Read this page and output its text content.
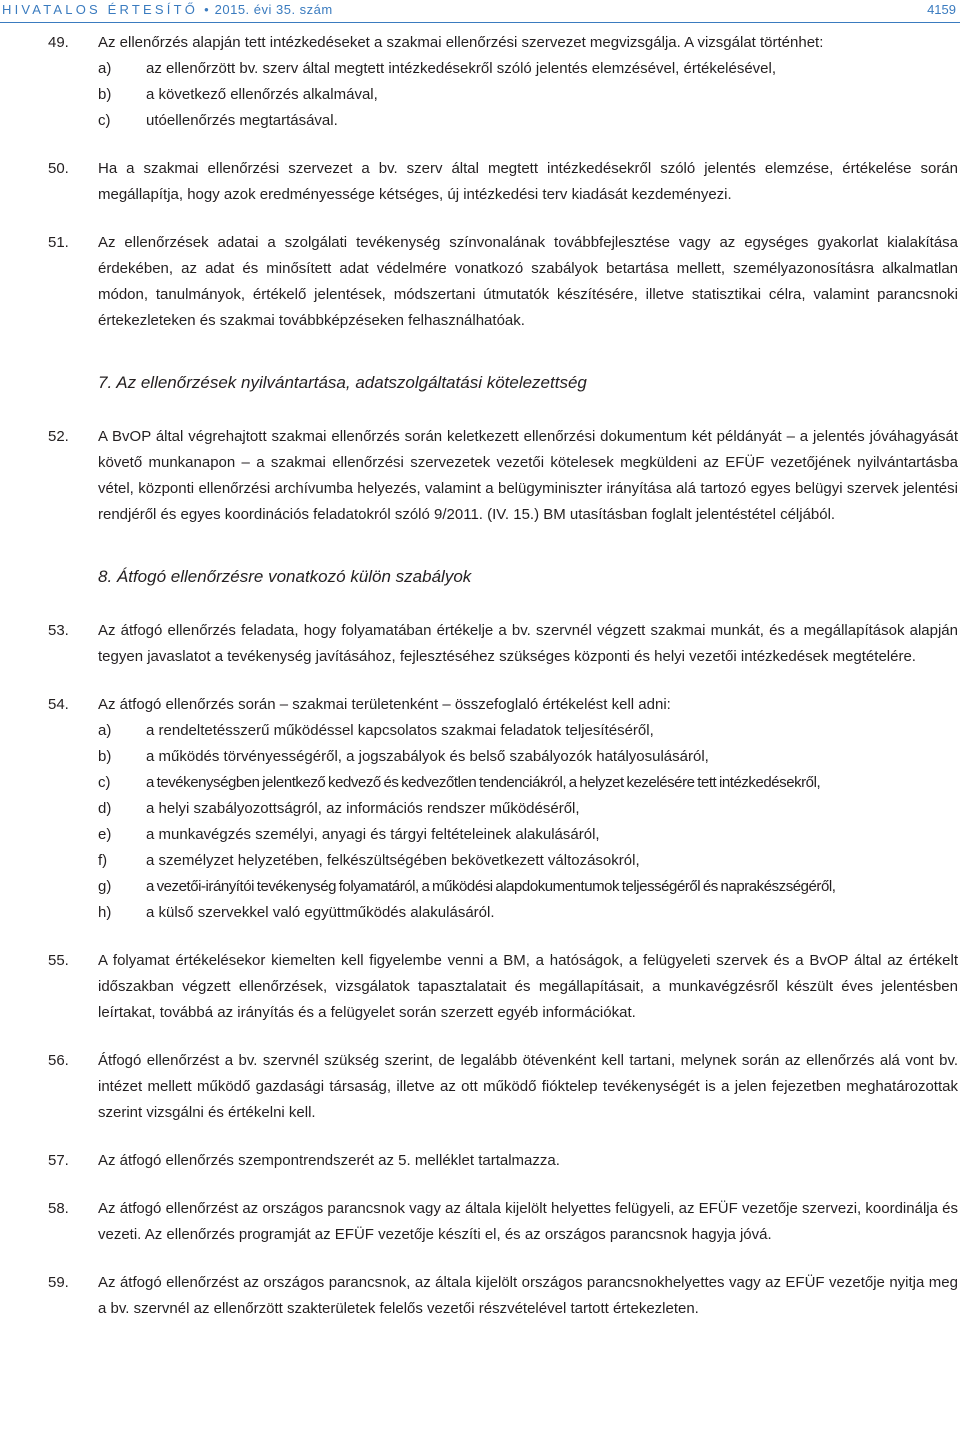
HIVATALOS ÉRTESÍTŐ • 2015. évi 35. szám	4159
49. Az ellenőrzés alapján tett intézkedéseket a szakmai ellenőrzési szervezet megvizsgálja. A vizsgálat történhet:
a) az ellenőrzött bv. szerv által megtett intézkedésekről szóló jelentés elemzésével, értékelésével,
b) a következő ellenőrzés alkalmával,
c) utóellenőrzés megtartásával.
50. Ha a szakmai ellenőrzési szervezet a bv. szerv által megtett intézkedésekről szóló jelentés elemzése, értékelése során megállapítja, hogy azok eredményessége kétséges, új intézkedési terv kiadását kezdeményezi.
51. Az ellenőrzések adatai a szolgálati tevékenység színvonalának továbbfejlesztése vagy az egységes gyakorlat kialakítása érdekében, az adat és minősített adat védelmére vonatkozó szabályok betartása mellett, személyazonosításra alkalmatlan módon, tanulmányok, értékelő jelentések, módszertani útmutatók készítésére, illetve statisztikai célra, valamint parancsnoki értekezleteken és szakmai továbbképzéseken felhasználhatóak.
7. Az ellenőrzések nyilvántartása, adatszolgáltatási kötelezettség
52. A BvOP által végrehajtott szakmai ellenőrzés során keletkezett ellenőrzési dokumentum két példányát – a jelentés jóváhagyását követő munkanapon – a szakmai ellenőrzési szervezetek vezetői kötelesek megküldeni az EFÜF vezetőjének nyilvántartásba vétel, központi ellenőrzési archívumba helyezés, valamint a belügyminiszter irányítása alá tartozó egyes belügyi szervek jelentési rendjéről és egyes koordinációs feladatokról szóló 9/2011. (IV. 15.) BM utasításban foglalt jelentéstétel céljából.
8. Átfogó ellenőrzésre vonatkozó külön szabályok
53. Az átfogó ellenőrzés feladata, hogy folyamatában értékelje a bv. szervnél végzett szakmai munkát, és a megállapítások alapján tegyen javaslatot a tevékenység javításához, fejlesztéséhez szükséges központi és helyi vezetői intézkedések megtételére.
54. Az átfogó ellenőrzés során – szakmai területenként – összefoglaló értékelést kell adni:
a) a rendeltetésszerű működéssel kapcsolatos szakmai feladatok teljesítéséről,
b) a működés törvényességéről, a jogszabályok és belső szabályozók hatályosulásáról,
c) a tevékenységben jelentkező kedvező és kedvezőtlen tendenciákról, a helyzet kezelésére tett intézkedésekről,
d) a helyi szabályozottságról, az információs rendszer működéséről,
e) a munkavégzés személyi, anyagi és tárgyi feltételeinek alakulásáról,
f)	a személyzet helyzetében, felkészültségében bekövetkezett változásokról,
g) a vezetői-irányítói tevékenység folyamatáról, a működési alapdokumentumok teljességéről és naprakészségéről,
h) a külső szervekkel való együttműködés alakulásáról.
55. A folyamat értékelésekor kiemelten kell figyelembe venni a BM, a hatóságok, a felügyeleti szervek és a BvOP által az értékelt időszakban végzett ellenőrzések, vizsgálatok tapasztalatait és megállapításait, a munkavégzésről készült éves jelentésben leírtakat, továbbá az irányítás és a felügyelet során szerzett egyéb információkat.
56. Átfogó ellenőrzést a bv. szervnél szükség szerint, de legalább ötévenként kell tartani, melynek során az ellenőrzés alá vont bv. intézet mellett működő gazdasági társaság, illetve az ott működő fióktelep tevékenységét is a jelen fejezetben meghatározottak szerint vizsgálni és értékelni kell.
57. Az átfogó ellenőrzés szempontrendszerét az 5. melléklet tartalmazza.
58. Az átfogó ellenőrzést az országos parancsnok vagy az általa kijelölt helyettes felügyeli, az EFÜF vezetője szervezi, koordinálja és vezeti. Az ellenőrzés programját az EFÜF vezetője készíti el, és az országos parancsnok hagyja jóvá.
59. Az átfogó ellenőrzést az országos parancsnok, az általa kijelölt országos parancsnokhelyettes vagy az EFÜF vezetője nyitja meg a bv. szervnél az ellenőrzött szakterületek felelős vezetői részvételével tartott értekezleten.
